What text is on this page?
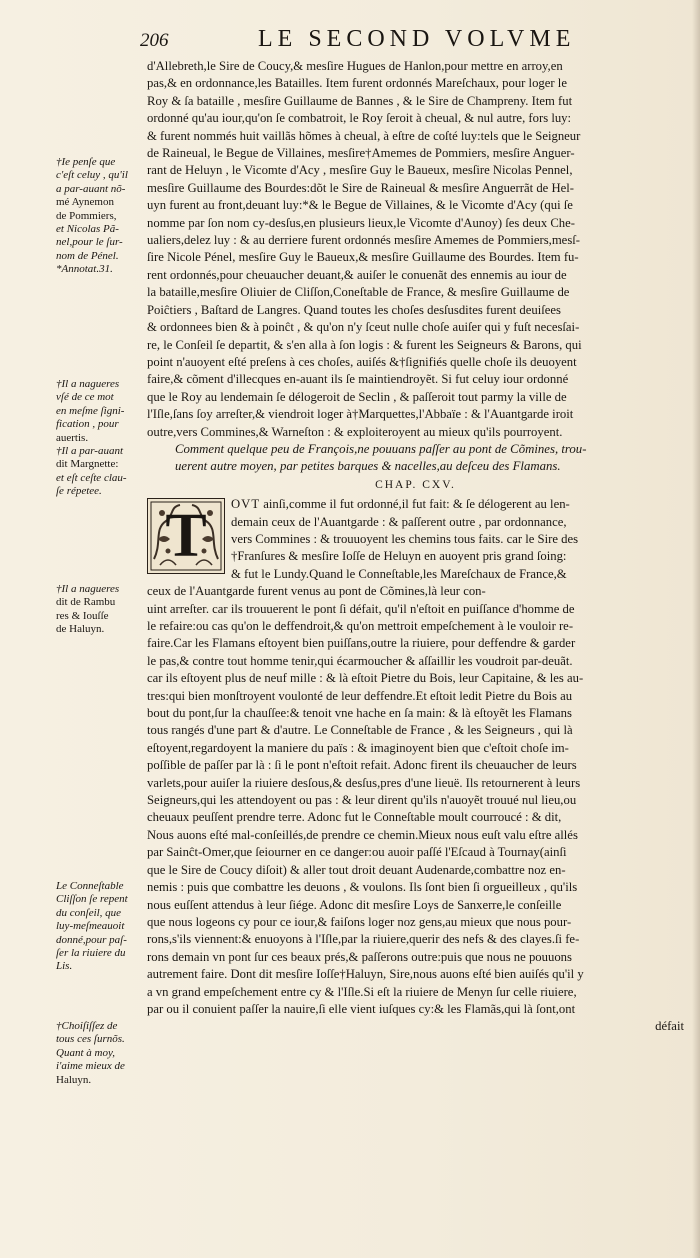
206	LE SECOND VOLVME
†Ie penſe que
c'eſt celuy , qu'il
a par-auant nõ-
mé Aynemon
de Pommiers,
et Nicolas Pã-
nel,pour le ſur-
nom de Pénel.
*Annotat.31.
†Il a nagueres
vſé de ce mot
en meſme ſigni-
fication , pour
auertis.
†Il a par-auant
dit Margnette:
et eſt ceſte clau-
ſe répetee.
†Il a nagueres
dit de Rambu
res & Iouſſe
de Haluyn.
Le Conneſtable
Cliſſon ſe repent
du conſeil, que
luy-meſmeauoit
donné,pour paſ-
ſer la riuiere du
Lis.
†Choiſiſſez de
tous ces ſurnõs.
Quant à moy,
i'aime mieux de
Haluyn.
d'Allebreth,le Sire de Coucy,& mesſire Hugues de Hanlon,pour mettre en arroy,en
pas,& en ordonnance,les Batailles. Item furent ordonnés Mareſchaux, pour loger le
Roy & ſa bataille , mesſire Guillaume de Bannes , & le Sire de Champreny. Item fut
ordonné qu'au iour,qu'on ſe combatroit, le Roy ſeroit à cheual, & nul autre, fors luy:
& furent nommés huit vaillãs hõmes à cheual, à eſtre de coſté luy:tels que le Seigneur
de Raineual, le Begue de Villaines, mesſire†Amemes de Pommiers, mesſire Anguer-
rant de Heluyn , le Vicomte d'Acy , mesſire Guy le Baueux, mesſire Nicolas Pennel,
mesſire Guillaume des Bourdes:dõt le Sire de Raineual & mesſire Anguerrãt de Hel-
uyn furent au front,deuant luy:*& le Begue de Villaines, & le Vicomte d'Acy (qui ſe
nomme par ſon nom cy-desſus,en plusieurs lieux,le Vicomte d'Aunoy) ſes deux Che-
ualiers,delez luy : & au derriere furent ordonnés mesſire Amemes de Pommiers,mesſ-
ſire Nicole Pénel, mesſire Guy le Baueux,& mesſire Guillaume des Bourdes. Item fu-
rent ordonnés,pour cheuaucher deuant,& auiſer le conuenãt des ennemis au iour de
la bataille,mesſire Oliuier de Cliſſon,Coneſtable de France, & mesſire Guillaume de
Poiĉtiers , Baſtard de Langres. Quand toutes les choſes desſusdites furent deuiſees
& ordonnees bien & à poinĉt , & qu'on n'y ſceut nulle choſe auiſer qui y fuſt necesſai-
re, le Conſeil ſe departit, & s'en alla à ſon logis : & furent les Seigneurs & Barons, qui
point n'auoyent eſté preſens à ces choſes, auiſés &†ſignifiés quelle choſe ils deuoyent
faire,& cõment d'illecques en-auant ils ſe maintiendroyẽt. Si fut celuy iour ordonné
que le Roy au lendemain ſe délogeroit de Seclin , & paſſeroit tout parmy la ville de
l'Iſle,ſans ſoy arreſter,& viendroit loger à†Marquettes,l'Abbaïe : & l'Auantgarde iroit
outre,vers Commines,& Warneſton : & exploiteroyent au mieux qu'ils pourroyent.
Comment quelque peu de François,ne pouuans paſſer au pont de Cõmines, trou-
uerent autre moyen, par petites barques & nacelles,au deſceu des Flamans.
CHAP. CXV.
T	OVT ainſi,comme il fut ordonné,il fut fait: & ſe délogerent au len-
demain ceux de l'Auantgarde : & paſſerent outre , par ordonnance,
vers Commines : & trouuoyent les chemins tous faits. car le Sire des
†Franſures & mesſire Ioſſe de Heluyn en auoyent pris grand ſoing:
& fut le Lundy.Quand le Conneſtable,les Mareſchaux de France,&
ceux de l'Auantgarde furent venus au pont de Cõmines,là leur con-
uint arreſter. car ils trouuerent le pont ſi défait, qu'il n'eſtoit en puiſſance d'homme de
le refaire:ou cas qu'on le deffendroit,& qu'on mettroit empeſchement à le vouloir re-
faire.Car les Flamans eſtoyent bien puiſſans,outre la riuiere, pour deffendre & garder
le pas,& contre tout homme tenir,qui écarmoucher & aſſaillir les voudroit par-deuãt.
car ils eſtoyent plus de neuf mille : & là eſtoit Pietre du Bois, leur Capitaine, & les au-
tres:qui bien monſtroyent voulonté de leur deffendre.Et eſtoit ledit Pietre du Bois au
bout du pont,ſur la chauſſee:& tenoit vne hache en ſa main: & là eſtoyẽt les Flamans
tous rangés d'une part & d'autre. Le Conneſtable de France , & les Seigneurs , qui là
eſtoyent,regardoyent la maniere du païs : & imaginoyent bien que c'eſtoit choſe im-
poſſible de paſſer par là : ſi le pont n'eſtoit refait. Adonc firent ils cheuaucher de leurs
varlets,pour auiſer la riuiere desſous,& desſus,pres d'une lieuë. Ils retournerent à leurs
Seigneurs,qui les attendoyent ou pas : & leur dirent qu'ils n'auoyẽt trouué nul lieu,ou
cheuaux peuſſent prendre terre. Adonc fut le Conneſtable moult courroucé : & dit,
Nous auons eſté mal-conſeillés,de prendre ce chemin.Mieux nous euſt valu eſtre allés
par Sainĉt-Omer,que ſeiourner en ce danger:ou auoir paſſé l'Eſcaud à Tournay(ainſi
que le Sire de Coucy diſoit) & aller tout droit deuant Audenarde,combattre noz en-
nemis : puis que combattre les deuons , & voulons. Ils ſont bien ſi orgueilleux , qu'ils
nous euſſent attendus à leur ſiége. Adonc dit mesſire Loys de Sanxerre,le conſeille
que nous logeons cy pour ce iour,& faiſons loger noz gens,au mieux que nous pour-
rons,s'ils viennent:& enuoyons à l'Iſle,par la riuiere,querir des nefs & des clayes.ſi fe-
rons demain vn pont ſur ces beaux prés,& paſſerons outre:puis que nous ne pouuons
autrement faire. Dont dit mesſire Ioſſe†Haluyn, Sire,nous auons eſté bien auiſés qu'il y
a vn grand empeſchement entre cy & l'Iſle.Si eſt la riuiere de Menyn ſur celle riuiere,
par ou il conuient paſſer la nauire,ſi elle vient iuſques cy:& les Flamãs,qui là ſont,ont
défait
